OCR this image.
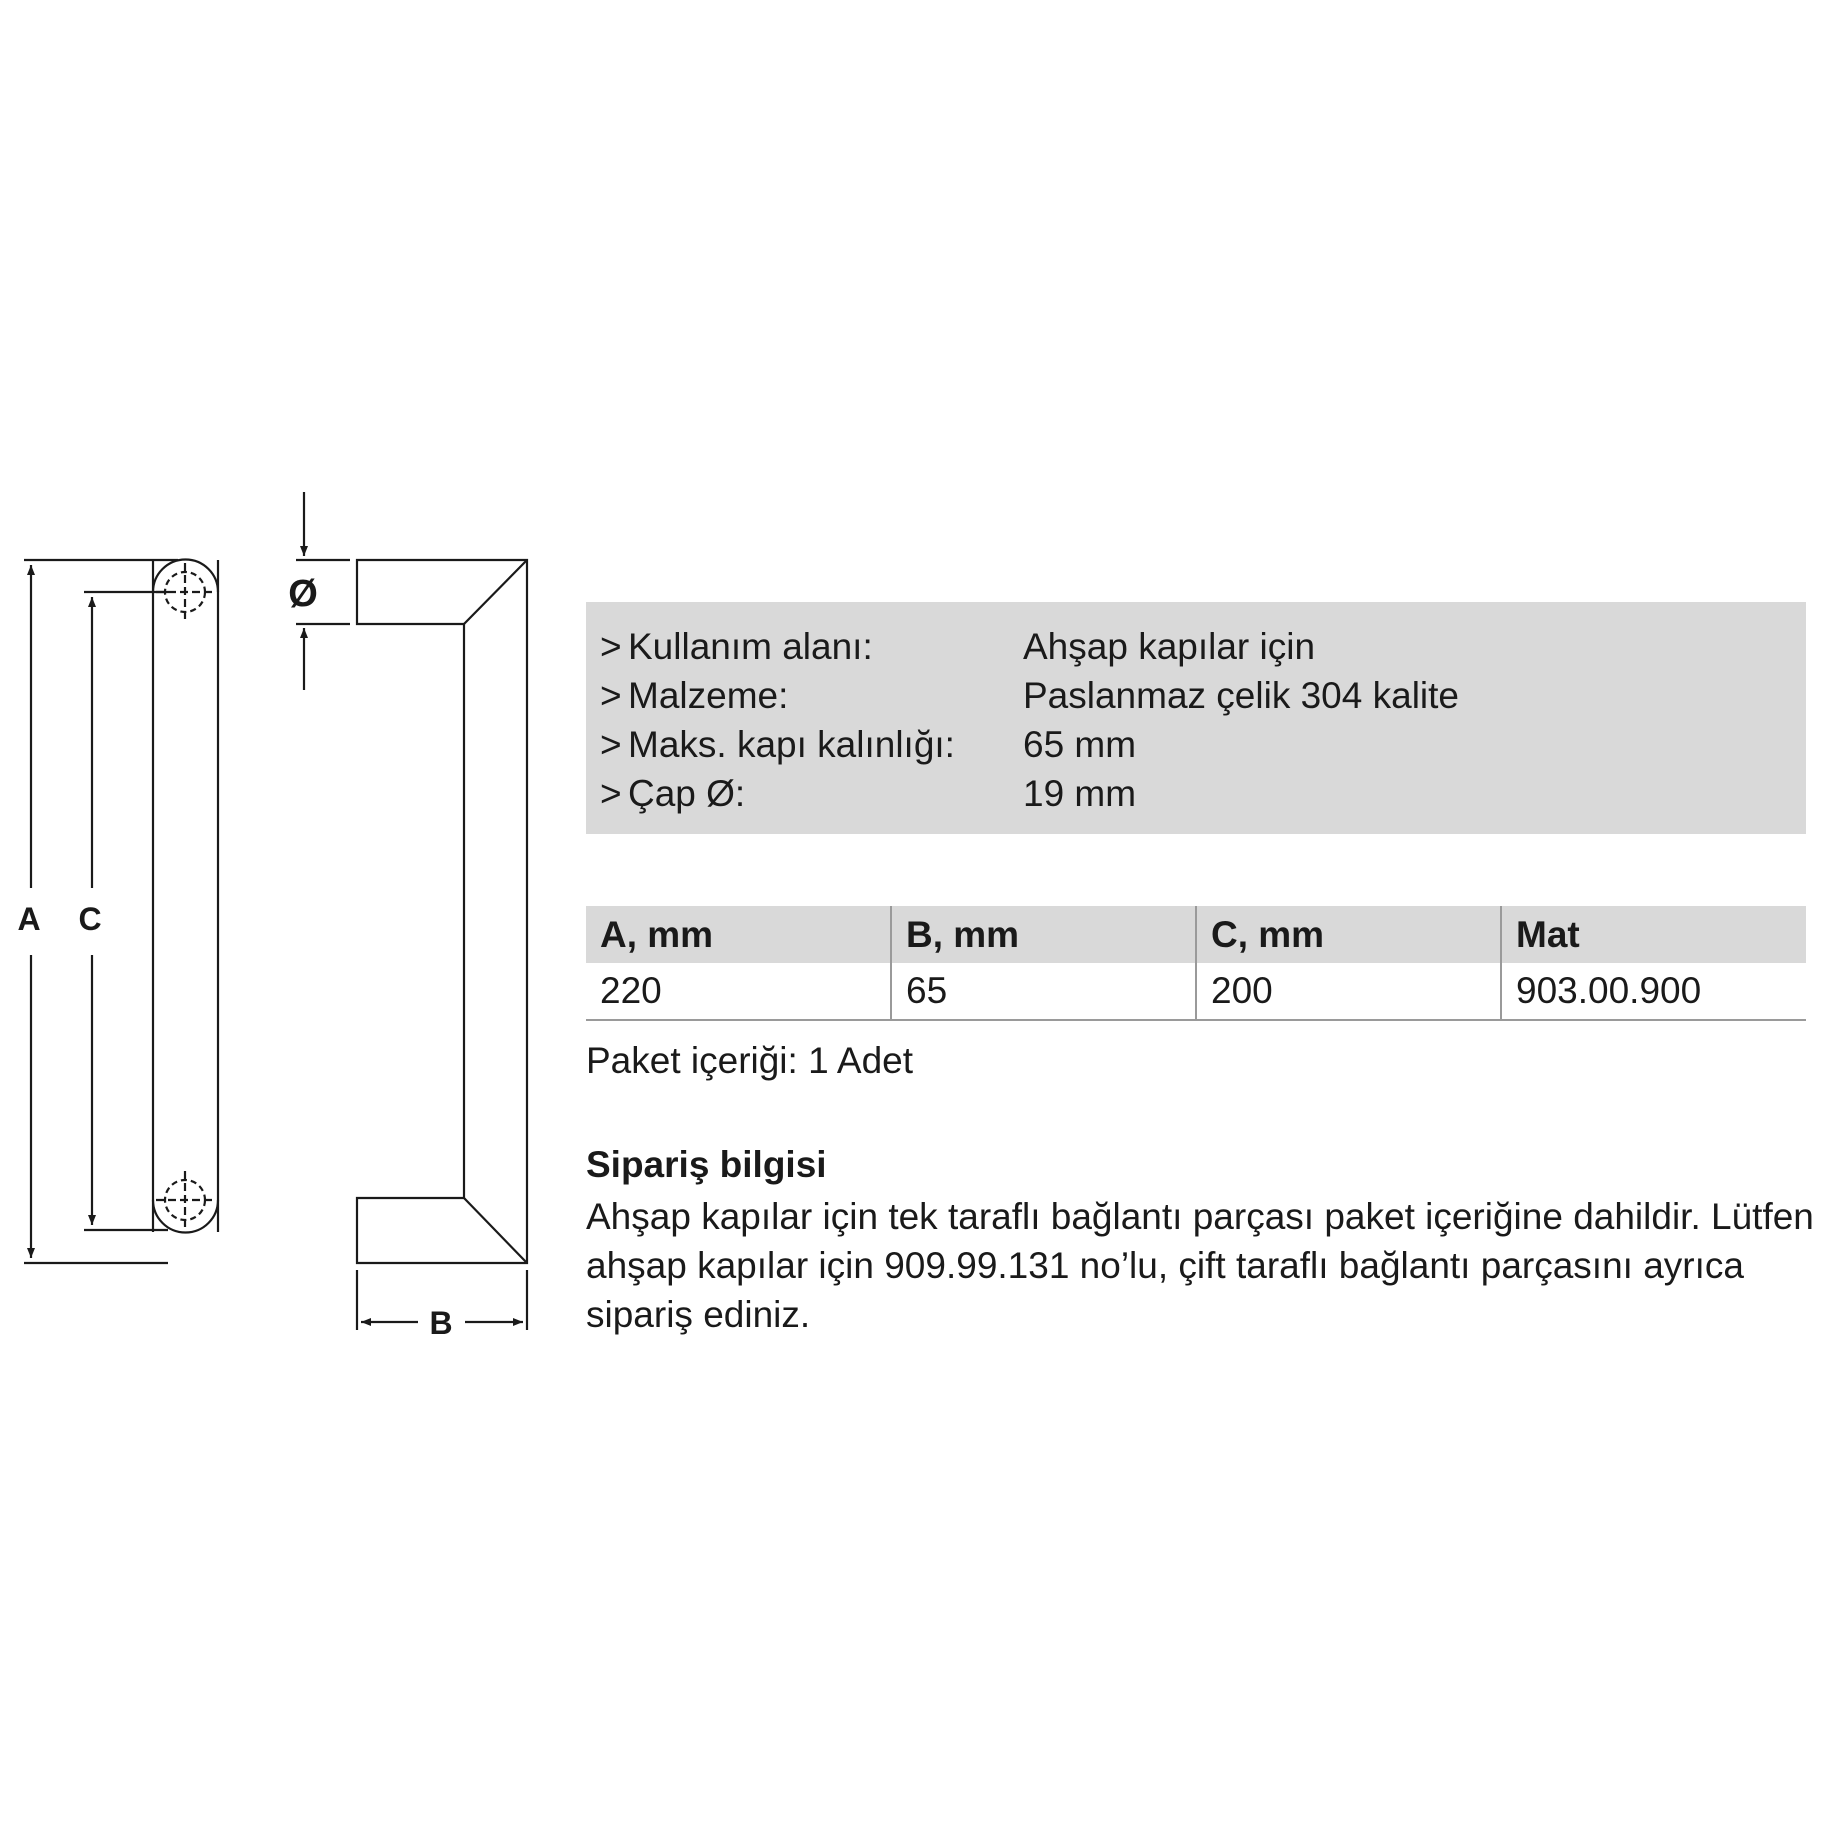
A C
B
Ø
> Kullanım alanı:	Ahşap kapılar için
> Malzeme:	Paslanmaz çelik 304 kalite
> Maks. kapı kalınlığı: 65 mm
> Çap Ø:	19 mm
A, mm	B, mm	C, mm	Mat
220	65	200	903.00.900
Paket içeriği: 1 Adet
Sipariş bilgisi
Ahşap kapılar için tek taraflı bağlantı parçası paket içeriğine dahildir. Lütfen ahşap kapılar için 909.99.131 no’lu, çift taraflı bağlantı parçasını ayrıca sipariş ediniz.
